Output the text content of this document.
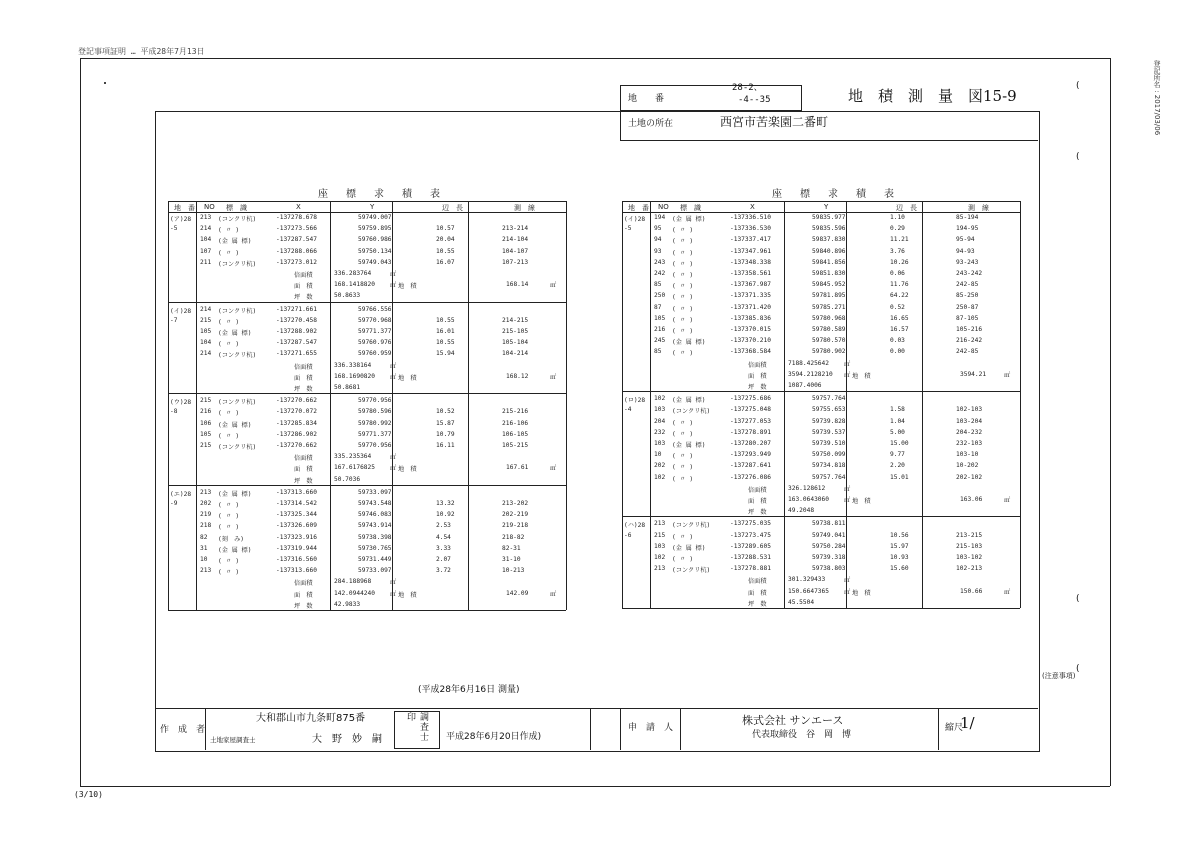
登記事項証明 … 平成28年7月13日
(3/10)
登記所名 : 2017/03/06
(注意事項)
地　　番
28-2、
-4--35	地　積　測　量　図15-9
土地の所在	西宮市苦楽園二番町
座　標　求　積　表
地　番 NO 標　識	X	Y	辺　長	測　線
(ア)28
-5
213 (コンクリ杭)	-137278.678	59749.007
214 ( 〃 )	-137273.566	59759.895	10.57	213-214
104 (金 属 標)	-137287.547	59760.986	20.04	214-104
107 ( 〃 )	-137288.066	59750.134	10.55	104-107
211 (コンクリ杭)	-137273.012	59749.043	16.07	107-213
倍面積	336.283764	㎡
面　積	168.1418820 ㎡ 地　積	168.14	㎡
坪　数	50.8633
(イ)28
-7
214 (コンクリ杭)	-137271.661	59766.556
215 ( 〃 )	-137270.458	59770.968	10.55	214-215
105 (金 属 標)	-137288.902	59771.377	16.01	215-105
104 ( 〃 )	-137287.547	59760.976	10.55	105-104
214 (コンクリ杭)	-137271.655	59760.959	15.94	104-214
倍面積	336.338164	㎡
面　積	168.1690820 ㎡ 地　積	168.12	㎡
坪　数	50.8681
(ウ)28
-8
215 (コンクリ杭)	-137270.662	59770.956
216 ( 〃 )	-137270.072	59780.596	10.52	215-216
106 (金 属 標)	-137285.834	59780.992	15.87	216-106
105 ( 〃 )	-137286.902	59771.377	10.79	106-105
215 (コンクリ杭)	-137270.662	59770.956	16.11	105-215
倍面積	335.235364	㎡
面　積	167.6176825 ㎡ 地　積	167.61	㎡
坪　数	50.7036
(エ)28
-9
213 (金 属 標)	-137313.660	59733.097
202 ( 〃 )	-137314.542	59743.548	13.32	213-202
219 ( 〃 )	-137325.344	59746.083	10.92	202-219
218 ( 〃 )	-137326.609	59743.914	2.53	219-218
82 (刻　み)	-137323.916	59738.398	4.54	218-82
31 (金 属 標)	-137319.944	59730.765	3.33	82-31
10 ( 〃 )	-137316.560	59731.449	2.07	31-10
213 ( 〃 )	-137313.660	59733.097	3.72	10-213
倍面積	284.188968	㎡
面　積	142.0944240 ㎡ 地　積	142.09	㎡
坪　数	42.9833
座　標　求　積　表
地　番 NO 標　識	X	Y	辺　長	測　線
(イ)28
-5
194 (金 属 標)	-137336.510	59835.977	1.10	85-194
95 ( 〃 )	-137336.530	59835.596	0.29	194-95
94 ( 〃 )	-137337.417	59837.830	11.21	95-94
93 ( 〃 )	-137347.961	59840.896	3.76	94-93
243 ( 〃 )	-137348.338	59841.856	10.26	93-243
242 ( 〃 )	-137358.561	59851.830	0.06	243-242
85 ( 〃 )	-137367.987	59845.952	11.76	242-85
250 ( 〃 )	-137371.335	59781.895	64.22	85-250
87 ( 〃 )	-137371.420	59785.271	0.52	250-87
105 ( 〃 )	-137385.836	59780.968	16.65	87-105
216 ( 〃 )	-137370.015	59780.589	16.57	105-216
245 (金 属 標)	-137370.210	59780.570	0.03	216-242
85 ( 〃 )	-137368.584	59780.902	0.00	242-85
倍面積	7188.425642 ㎡
面　積	3594.2128210 ㎡ 地　積	3594.21	㎡
坪　数	1087.4006
(ロ)28
-4
102 (金 属 標)	-137275.686	59757.764
103 (コンクリ杭)	-137275.048	59755.653	1.58	102-103
204 ( 〃 )	-137277.053	59739.828	1.04	103-204
232 ( 〃 )	-137278.891	59739.537	5.00	204-232
103 (金 属 標)	-137280.207	59739.510	15.00	232-103
10 ( 〃 )	-137293.949	59750.099	9.77	103-10
202 ( 〃 )	-137287.641	59734.818	2.20	10-202
102 ( 〃 )	-137276.086	59757.764	15.01	202-102
倍面積	326.128612	㎡
面　積	163.0643060 ㎡ 地　積	163.06	㎡
坪　数	49.2048
(ハ)28
-6
213 (コンクリ杭)	-137275.035	59738.811
215 ( 〃 )	-137273.475	59749.041	10.56	213-215
103 (金 属 標)	-137289.605	59750.284	15.97	215-103
102 ( 〃 )	-137288.531	59739.318	10.93	103-102
213 (コンクリ杭)	-137278.881	59738.803	15.60	102-213
倍面積	301.329433	㎡
面　積	150.6647365 ㎡ 地　積	150.66	㎡
坪　数	45.5504
(平成28年6月16日 測量)
作　成　者
大和郡山市九条町875番
土地家屋調査士	大　野　妙　嗣	調査士印
平成28年6月20日作成)
申　請　人
株式会社 サンエース
代表取締役　谷　岡　博
縮尺
1/
(
(
(
(
